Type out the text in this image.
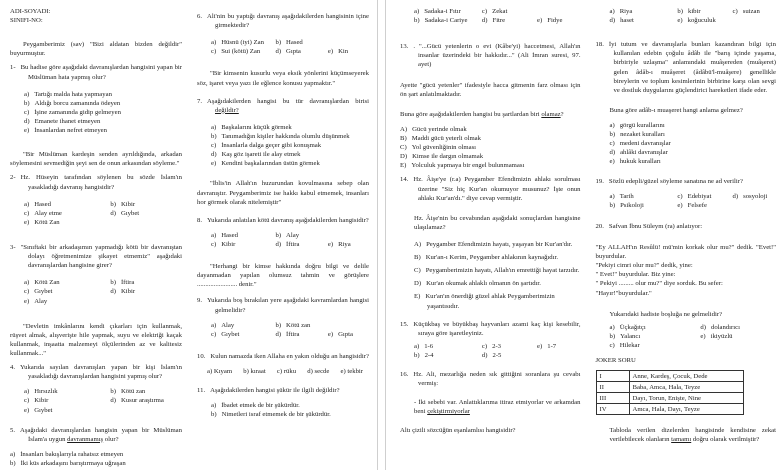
ADI-SOYADI:
SINIFI-NO:

Peygamberimiz (sav) "Bizi aldatan bizden değildir" buyurmuştur.

1- Bu hadise göre aşağıdaki davranışlardan hangisini yapan bir Müslüman hata yapmış olur?

a) Tartığı malda hata yapmayan
b) Aldığı borcu zamanında ödeyen
c) İşine zamanında gidip gelmeyen
d) Emanete ihanet etmeyen
e) İnsanlardan nefret etmeyen

"Bir Müslüman kardeşin senden ayrıldığında, arkadan söylemesini sevmediğin şeyi sen de onun arkasından söyleme."

2- Hz. Hüseyin tarafından söylenen bu sözde İslam'ın yasakladığı davranış hangisidir?

a) Hased	b) Kibir
c) Alay etme	d) Gıybet
e) Kötü Zan

3- "Sınıftaki bir arkadaşımın yapmadığı kötü bir davranıştan dolayı öğretmenimize şikayet etmemiz" aşağıdaki davranışlardan hangisine girer?

a) Kötü Zan	b) İftira
c) Gıybet	d) Kibir
e) Alay

"Devletin imkânlarını kendi çıkarları için kullanmak, rüşvet almak, alışverişte hile yapmak, suyu ve elektriği kaçak kullanmak, inşaatta malzemeyi ölçülerinden az ve kalitesiz kullanmak..."

4. Yukarıda sayılan davranışları yapan bir kişi İslam'ın yasakladığı davranışlardan hangisini yapmış olur?

a) Hırsızlık	b) Kötü zan
c) Kibir	d) Kusur araştırma
e) Gıybet

5. Aşağıdaki davranışlardan hangisin yapan bir Müslüman İslam'a uygun davranmamış olur?

a) İnsanları bakışlarıyla rahatsız etmeyen
b) İki küs arkadaşını barıştırmaya uğraşan

6. Ali'nin bu yaptığı davranış aşağıdakilerden hangisinin içine girmektedir?

a) Hüsnü (iyi) Zan	b) Hased
c) Sui (kötü) Zan	d) Gıpta	e) Kin

"Bir kimsenin kusurlu veya eksik yönlerini küçümseyerek söz, işaret veya yazı ile eğlence konusu yapmaktır."

7. Aşağıdakilerden hangisi bu tür davranışlardan birisi değildir?

a) Başkalarını küçük görmek
b) Tanımadığın kişiler hakkında olumlu düşünmek
c) İnsanlarla dalga geçer gibi konuşmak
d) Kaş göz işareti ile alay etmek
e) Kendini başkalarından üstün görmek

"İblis'in Allah'ın huzurundan kovulmasına sebep olan davranıştır. Peygamberimiz ise hakkı kabul etmemek, insanları hor görmek olarak nitelemiştir"

8. Yukarıda anlatılan kötü davranış aşağıdakilerden hangisidir?

a) Hased	b) Alay
c) Kibir	d) İftira	e) Riya

"Herhangi bir kimse hakkında doğru bilgi ve delile dayanmadan yapılan olumsuz tahmin ve görüşlere ........................ denir."

9. Yukarıda boş bırakılan yere aşağıdaki kavramlardan hangisi gelmelidir?

a) Alay	b) Kötü zan
c) Gıybet	d) İftira	e) Gıpta

10. Kulun namazda iken Allaha en yakın olduğu an hangisidir?

a) Kıyam b) kıraat c) rüku d) secde e) tekbir

11. Aşağıdakilerden hangisi şükür ile ilgili değildir?

a) İbadet etmek de bir şükürdür.
b) Nimetleri israf etmemek de bir şükürdür.
a) Sadaka-i Fıtır	c) Zekat
b) Sadaka-i Cariye	d) Fitre	e) Fidye

13. . "...Gücü yetenlerin o evi (Kâbe'yi) haccetmesi, Allah'ın insanlar üzerindeki bir hakkıdır..." (Ali İmran suresi, 97. ayet)

Ayette "gücü yetenler" ifadesiyle hacca gitmenin farz olması için ön şart anlatılmaktadır.

Buna göre aşağıdakilerden hangisi bu şartlardan biri olamaz?

A) Gücü yerinde olmak
B) Maddi gücü yeterli olmak
C) Yol güvenliğinin olması
D) Kimse ile dargın olmamak
E) Yolculuk yapmaya bir engel bulunmaması

14. Hz. Âişe'ye (r.a) Peygamber Efendimizin ahlakı sorulması üzerine "Siz hiç Kur'an okumuyor musunuz? İşte onun ahlakı Kur'an'dı." diye cevap vermiştir.

Hz. Âişe'nin bu cevabından aşağıdaki sonuçlardan hangisine ulaşılamaz?

A) Peygamber Efendimizin hayatı, yaşayan bir Kur'an'dır.
B) Kur'an-ı Kerim, Peygamber ahlakının kaynağıdır.
C) Peygamberimizin hayatı, Allah'ın emrettiği hayat tarzıdır.
D) Kur'an okumak ahlaklı olmanın ön şartıdır.
E) Kur'an'ın önerdiği güzel ahlak Peygamberimizin yaşantısıdır.

15. Küçükbaş ve büyükbaş hayvanları azami kaç kişi kesebilir, sıraya göre işaretleyiniz.

a) 1-6	c) 2-3	e) 1-7
b) 2-4	d) 2-5

16. Hz. Ali, mezarlığa neden sık gittiğini soranlara şu cevabı vermiş:

- İki sebebi var. Anlattıklarıma itiraz etmiyorlar ve arkamdan beni çekiştirmiyorlar

Altı çizili sözcüğün eşanlamlısı hangisidir?

a) Riya	b) kibir	c) suizan
d) haset	e) koğuculuk

18. İyi tutum ve davranışlarla bunları kazandıran bilgi için kullanılan edebin çoğulu âdâb ile "barış içinde yaşama, birbiriyle uzlaşma" anlamındaki muâşereden (muâşeret) gelen âdâb-ı muâşeret (âdâbü'l-muâşere) genellikle bireylerin ve toplum kesimlerinin birbirine karşı olan sevgi ve dostluk duygularını güçlendirici hareketleri ifade eder.

Buna göre adâb-ı muaşeret hangi anlama gelmez?

a) görgü kurallarını
b) nezaket kuralları
c) medeni davranışlar
d) ahlâki davranışlar
e) hukuk kuralları

19. Sözlü edepli/güzel söyleme sanatına ne ad verilir?

a) Tarih	c) Edebiyat	d) sosyoloji
b) Psikoloji	e) Felsefe

20. Safvan İbnu Süleym (ra) anlatıyor:

"Ey ALLAH'ın Resûlü! mü'min korkak olur mu?" dedik. "Evet!" buyurdular.

"Pekiyi cimri olur mu?" dedik, yine:
" Evet!" buyurdular. Biz yine:
" Pekiyi ......... olur mu?" diye sorduk. Bu sefer:
"Hayır!"buyurdular."

Yukarıdaki hadiste boşluğa ne gelmelidir?

a) Üçkağıtçı	d) dolandırıcı
b) Yalancı	e) ikiyüzlü
c) Hilekar
JOKER SORU
I	Anne, Kardeş, Çocuk, Dede
II	Baba, Amca, Hala, Teyze
III	Dayı, Torun, Enişte, Nine
IV	Amca, Hala, Dayı, Teyze

Tabloda verilen dizelerden hangisinde kendisine zekat verilebilecek olanların tamamı doğru olarak verilmiştir?
